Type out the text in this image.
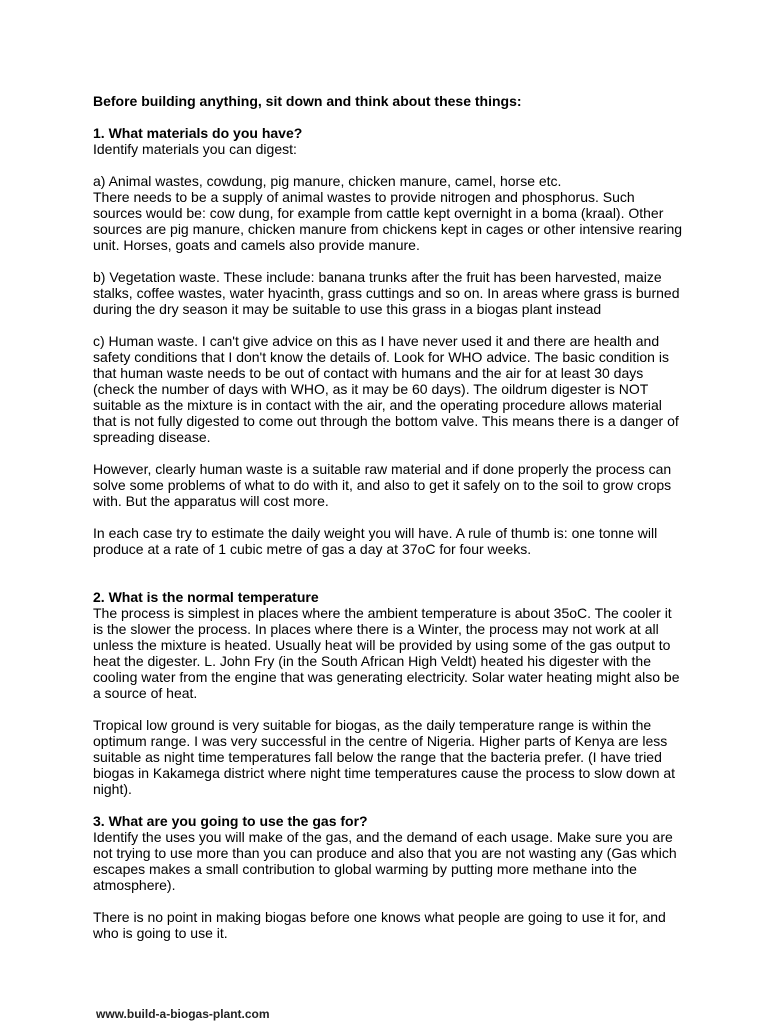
Before building anything, sit down and think about these things:

1. What materials do you have?

Identify materials you can digest:

a) Animal wastes, cowdung, pig manure, chicken manure, camel, horse etc.

There needs to be a supply of animal wastes to provide nitrogen and phosphorus. Such sources would be: cow dung, for example from cattle kept overnight in a boma (kraal). Other sources are pig manure, chicken manure from chickens kept in cages or other intensive rearing unit. Horses, goats and camels also provide manure.

b) Vegetation waste. These include: banana trunks after the fruit has been harvested, maize stalks, coffee wastes, water hyacinth, grass cuttings and so on. In areas where grass is burned during the dry season it may be suitable to use this grass in a biogas plant instead

c) Human waste. I can't give advice on this as I have never used it and there are health and safety conditions that I don't know the details of. Look for WHO advice. The basic condition is that human waste needs to be out of contact with humans and the air for at least 30 days (check the number of days with WHO, as it may be 60 days). The oildrum digester is NOT suitable as the mixture is in contact with the air, and the operating procedure allows material that is not fully digested to come out through the bottom valve. This means there is a danger of spreading disease.

However, clearly human waste is a suitable raw material and if done properly the process can solve some problems of what to do with it, and also to get it safely on to the soil to grow crops with. But the apparatus will cost more.

In each case try to estimate the daily weight you will have. A rule of thumb is: one tonne will produce at a rate of 1 cubic metre of gas a day at 37oC for four weeks.

2. What is the normal temperature

The process is simplest in places where the ambient temperature is about 35oC. The cooler it is the slower the process. In places where there is a Winter, the process may not work at all unless the mixture is heated. Usually heat will be provided by using some of the gas output to heat the digester. L. John Fry (in the South African High Veldt) heated his digester with the cooling water from the engine that was generating electricity. Solar water heating might also be a source of heat.

Tropical low ground is very suitable for biogas, as the daily temperature range is within the optimum range. I was very successful in the centre of Nigeria. Higher parts of Kenya are less suitable as night time temperatures fall below the range that the bacteria prefer. (I have tried biogas in Kakamega district where night time temperatures cause the process to slow down at night).

3. What are you going to use the gas for?

Identify the uses you will make of the gas, and the demand of each usage. Make sure you are not trying to use more than you can produce and also that you are not wasting any (Gas which escapes makes a small contribution to global warming by putting more methane into the atmosphere).

There is no point in making biogas before one knows what people are going to use it for, and who is going to use it.

www.build-a-biogas-plant.com
